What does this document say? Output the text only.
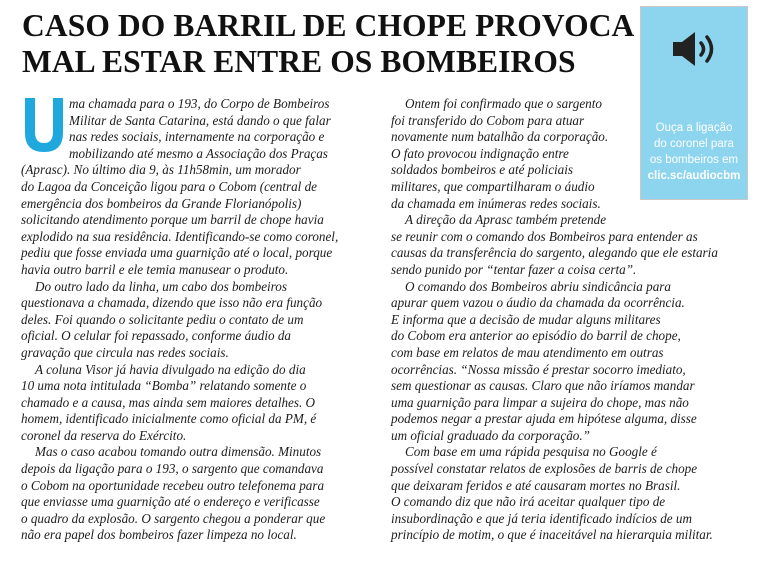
CASO DO BARRIL DE CHOPE PROVOCA
MAL ESTAR ENTRE OS BOMBEIROS
Ouça a ligação
do coronel para
os bombeiros em
clic.sc/audiocbm
ma chamada para o 193, do Corpo de Bombeiros
Militar de Santa Catarina, está dando o que falar
nas redes sociais, internamente na corporação e
mobilizando até mesmo a Associação dos Praças
(Aprasc). No último dia 9, às 11h58min, um morador
do Lagoa da Conceição ligou para o Cobom (central de
emergência dos bombeiros da Grande Florianópolis)
solicitando atendimento porque um barril de chope havia
explodido na sua residência. Identificando-se como coronel,
pediu que fosse enviada uma guarnição até o local, porque
havia outro barril e ele temia manusear o produto.
Do outro lado da linha, um cabo dos bombeiros
questionava a chamada, dizendo que isso não era função
deles. Foi quando o solicitante pediu o contato de um
oficial. O celular foi repassado, conforme áudio da
gravação que circula nas redes sociais.
A coluna Visor já havia divulgado na edição do dia
10 uma nota intitulada “Bomba” relatando somente o
chamado e a causa, mas ainda sem maiores detalhes. O
homem, identificado inicialmente como oficial da PM, é
coronel da reserva do Exército.
Mas o caso acabou tomando outra dimensão. Minutos
depois da ligação para o 193, o sargento que comandava
o Cobom na oportunidade recebeu outro telefonema para
que enviasse uma guarnição até o endereço e verificasse
o quadro da explosão. O sargento chegou a ponderar que
não era papel dos bombeiros fazer limpeza no local.
Ontem foi confirmado que o sargento
foi transferido do Cobom para atuar
novamente num batalhão da corporação.
O fato provocou indignação entre
soldados bombeiros e até policiais
militares, que compartilharam o áudio
da chamada em inúmeras redes sociais.
A direção da Aprasc também pretende
se reunir com o comando dos Bombeiros para entender as
causas da transferência do sargento, alegando que ele estaria
sendo punido por “tentar fazer a coisa certa”.
O comando dos Bombeiros abriu sindicância para
apurar quem vazou o áudio da chamada da ocorrência.
E informa que a decisão de mudar alguns militares
do Cobom era anterior ao episódio do barril de chope,
com base em relatos de mau atendimento em outras
ocorrências. “Nossa missão é prestar socorro imediato,
sem questionar as causas. Claro que não iríamos mandar
uma guarnição para limpar a sujeira do chope, mas não
podemos negar a prestar ajuda em hipótese alguma, disse
um oficial graduado da corporação.”
Com base em uma rápida pesquisa no Google é
possível constatar relatos de explosões de barris de chope
que deixaram feridos e até causaram mortes no Brasil.
O comando diz que não irá aceitar qualquer tipo de
insubordinação e que já teria identificado indícios de um
princípio de motim, o que é inaceitável na hierarquia militar.
